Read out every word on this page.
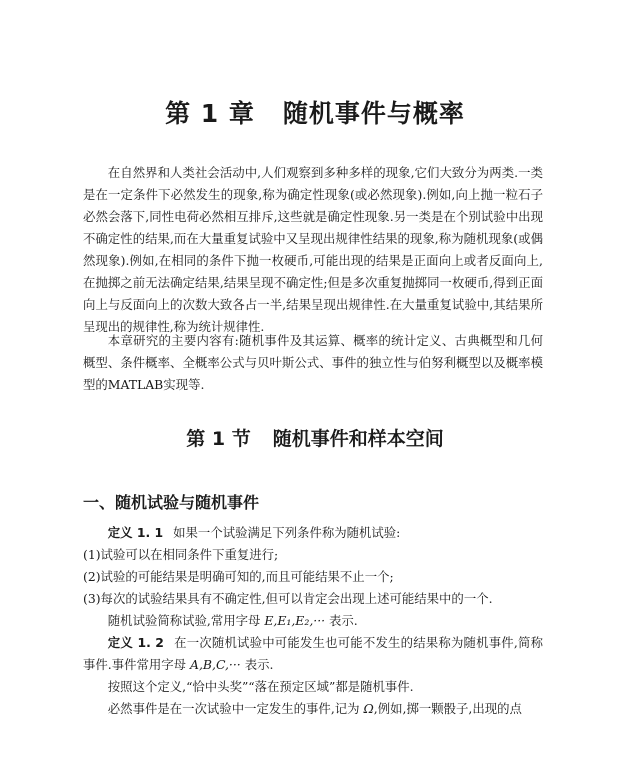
第 1 章 随机事件与概率

在自然界和人类社会活动中,人们观察到多种多样的现象,它们大致分为两类.一类是在一定条件下必然发生的现象,称为确定性现象(或必然现象).例如,向上抛一粒石子必然会落下,同性电荷必然相互排斥,这些就是确定性现象.另一类是在个别试验中出现不确定性的结果,而在大量重复试验中又呈现出规律性结果的现象,称为随机现象(或偶然现象).例如,在相同的条件下抛一枚硬币,可能出现的结果是正面向上或者反面向上,在抛掷之前无法确定结果,结果呈现不确定性;但是多次重复抛掷同一枚硬币,得到正面向上与反面向上的次数大致各占一半,结果呈现出规律性.在大量重复试验中,其结果所呈现出的规律性,称为统计规律性.

本章研究的主要内容有:随机事件及其运算、概率的统计定义、古典概型和几何概型、条件概率、全概率公式与贝叶斯公式、事件的独立性与伯努利概型以及概率模型的MATLAB实现等.

第 1 节 随机事件和样本空间
一、随机试验与随机事件

定义 1. 1 如果一个试验满足下列条件称为随机试验:

(1)试验可以在相同条件下重复进行;

(2)试验的可能结果是明确可知的,而且可能结果不止一个;

(3)每次的试验结果具有不确定性,但可以肯定会出现上述可能结果中的一个.

随机试验简称试验,常用字母 E,E₁,E₂,··· 表示.

定义 1. 2 在一次随机试验中可能发生也可能不发生的结果称为随机事件,简称事件.事件常用字母 A,B,C,··· 表示.

按照这个定义,“恰中头奖”“落在预定区域”都是随机事件.

必然事件是在一次试验中一定发生的事件,记为 Ω,例如,掷一颗骰子,出现的点
